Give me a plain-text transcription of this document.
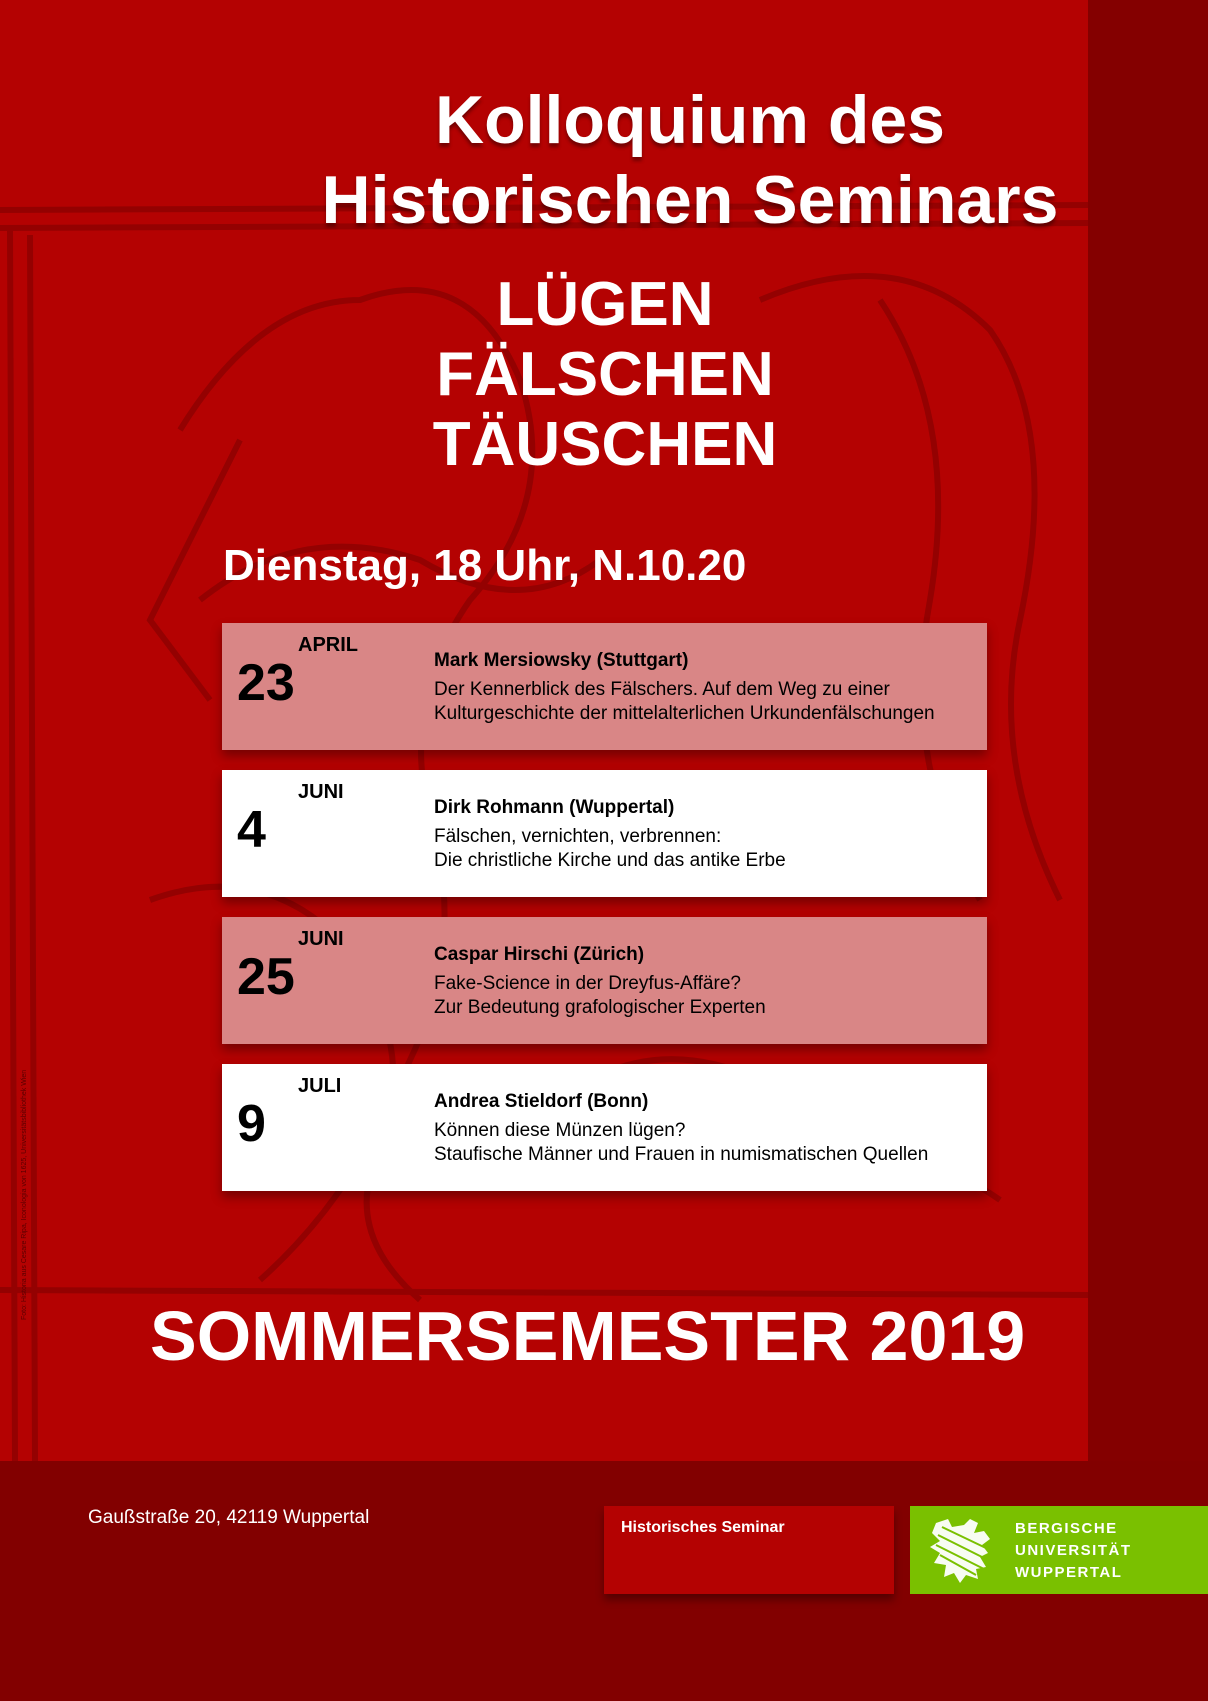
Kolloquium des
Historischen Seminars
LÜGEN
FÄLSCHEN
TÄUSCHEN
Dienstag, 18 Uhr, N.10.20
APRIL
23	Mark Mersiowsky (Stuttgart)
Der Kennerblick des Fälschers. Auf dem Weg zu einer
Kulturgeschichte der mittelalterlichen Urkundenfälschungen
JUNI
4	Dirk Rohmann (Wuppertal)
Fälschen, vernichten, verbrennen:
Die christliche Kirche und das antike Erbe
JUNI
25	Caspar Hirschi (Zürich)
Fake-Science in der Dreyfus-Affäre?
Zur Bedeutung grafologischer Experten
JULI
9	Andrea Stieldorf (Bonn)
Können diese Münzen lügen?
Staufische Männer und Frauen in numismatischen Quellen
SOMMERSEMESTER 2019
Foto: Historia aus Cesare Ripa, Iconologia von 1625, Universitätsbibliothek Wien
Gaußstraße 20, 42119 Wuppertal	Historisches Seminar	BERGISCHE
UNIVERSITÄT
WUPPERTAL
